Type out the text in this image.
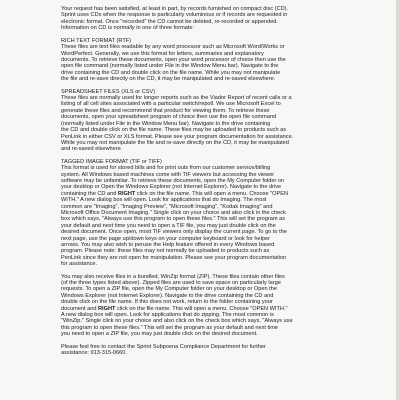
Your request has been satisfied, at least in part, by records furnished on compact disc (CD).
Sprint uses CDs when the response is particularly voluminous or if records are requested in
electronic format. Once "recorded" the CD cannot be deleted, re-recorded or appended.
Information on CD is normally in one of three formats:

RICH TEXT FORMAT (RTF)

These files are text files readable by any word processor such as Microsoft Word/Works or
WordPerfect. Generally, we use this format for letters, summaries and explanatory
documents. To retrieve these documents, open your word processor of choice then use the
open file command (normally listed under File in the Window Menu bar). Navigate to the
drive containing the CD and double click on the file name. While you may not manipulate
the file and re-save directly on the CD, it may be manipulated and re-saved elsewhere.

SPREADSHEET FILES (XLS or CSV)

These files are normally used for longer reports such as the Viador Report of recent calls or a
listing of all cell sites associated with a particular switch/repoll. We use Microsoft Excel to
generate these files and recommend that product for viewing them. To retrieve these
documents, open your spreadsheet program of choice then use the open file command
(normally listed under File in the Window Menu bar). Navigate to the drive containing
the CD and double click on the file name. These files may be uploaded to products such as
PenLink in either CSV or XLS format. Please see your program documentation for assistance.
While you may not manipulate the file and re-save directly on the CD, it may be manipulated
and re-saved elsewhere.

TAGGED IMAGE FORMAT (TIF or TIFF)

This format is used for stored bills and for print outs from our customer service/billing
system. All Windows based machines come with TIF viewers but accessing the viewer
software may be unfamiliar. To retrieve these documents, open the My Computer folder on
your desktop or Open the Windows Explorer (not Internet Explorer). Navigate to the drive
containing the CD and RIGHT click on the file name. This will open a menu. Choose "OPEN
WITH." A new dialog box will open. Look for applications that do Imaging. The most
common are "Imaging", "Imaging Preview", "Microsoft Imaging", "Kodak Imaging" and
Microsoft Office Document Imaging." Single click on your choice and also click in the check
box which says, "Always use this program to open these files." This will set the program as
your default and next time you need to open a TIF file, you may just double click on the
desired document. Once open, most TIF viewers only display the current page. To go to the
next page, use the page up/down keys on your computer keyboard or look for helper
arrows. You may also wish to peruse the Help feature offered in every Windows based
program. Please note: these files may not normally be uploaded to products such as
PenLink since they are not open for manipulation. Please see your program documentation
for assistance.

You may also receive files in a bundled, WinZip format (ZIP). These files contain other files
(of the three types listed above). Zipped files are used to save space on particularly large
requests. To open a ZIP file, open the My Computer folder on your desktop or Open the
Windows Explorer (not Internet Explorer). Navigate to the drive containing the CD and
double click on the file name. If this does not work, return to the folder containing your
document and RIGHT click on the file name. This will open a menu. Choose "OPEN WITH."
A new dialog box will open. Look for applications that do zipping. The most common is
"WinZip." Single click on your choice and also click on the check box which says, "Always use
this program to open these files." This will set the program as your default and next time
you need to open a ZIP file, you may just double click on the desired document.

Please feel free to contact the Sprint Subpoena Compliance Department for further
assistance: 913-315-0660.
